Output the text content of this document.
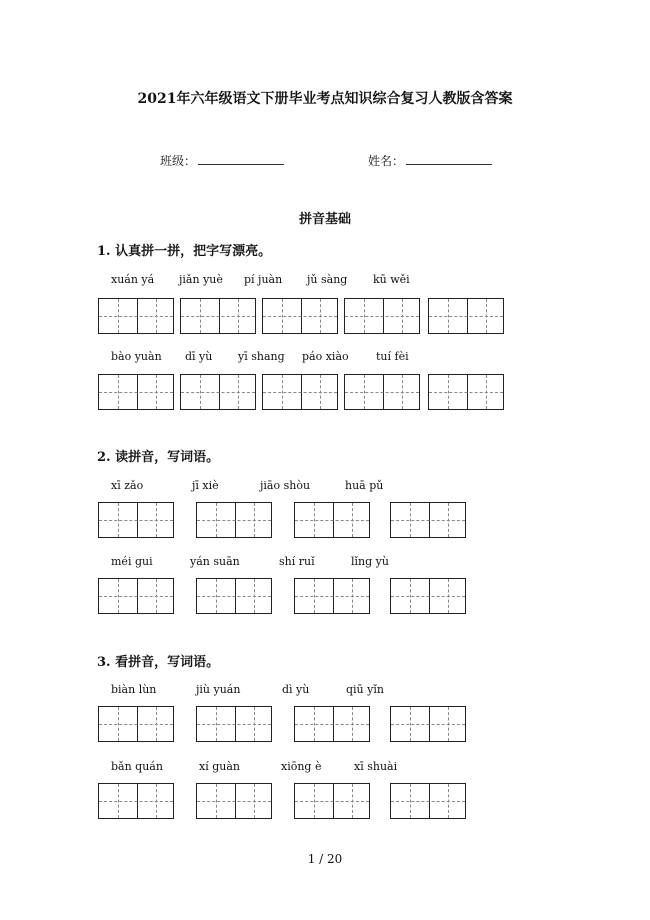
2021年六年级语文下册毕业考点知识综合复习人教版含答案
班级：	姓名：
拼音基础
1. 认真拼一拼，把字写漂亮。
xuán yá jiǎn yuè pí juàn jǔ sàng kū wěi
bào yuàn dī yù yī shang páo xiào tuí fèi
2. 读拼音，写词语。
xī zǎo	jī xiè	jiāo shòu	huā pǔ
méi gui	yán suān	shí ruǐ	lǐng yù
3. 看拼音，写词语。
biàn lùn	jiù yuán	dì yù	qiū yǐn
bǎn quán	xí guàn	xiōng è	xī shuài
1 / 20
